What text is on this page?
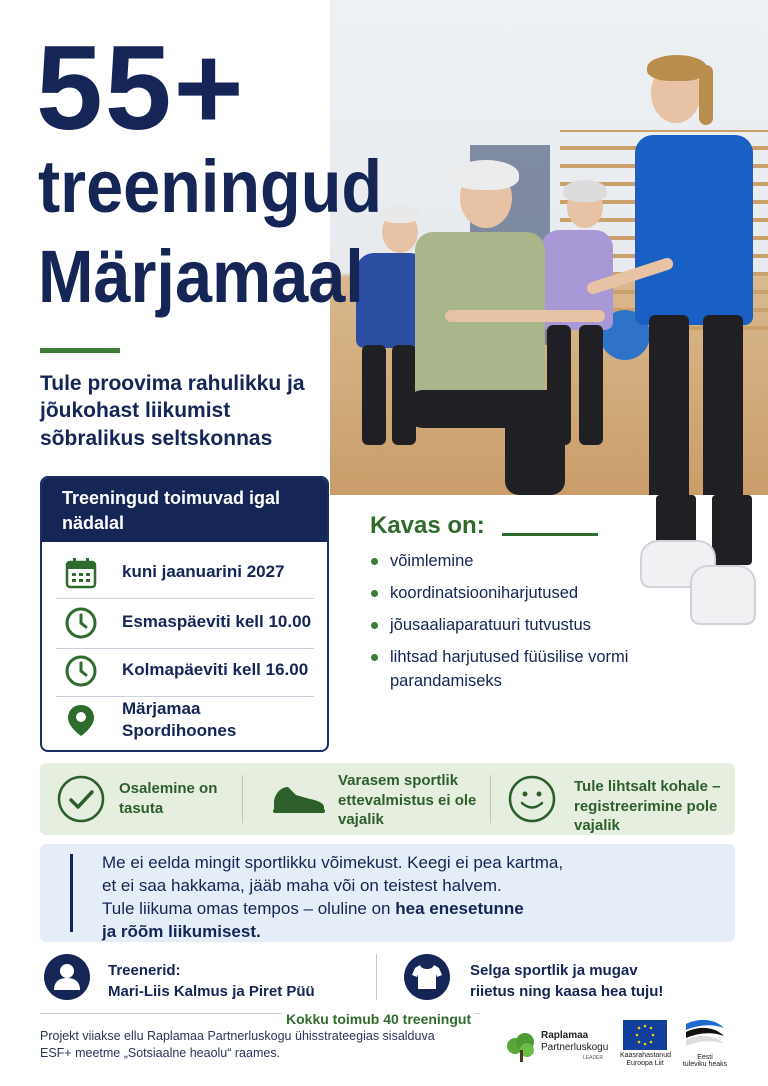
55+
treeningud
Märjamaal
Tule proovima rahulikku ja jõukohast liikumist sõbralikus seltskonnas
Treeningud toimuvad igal nädalal
kuni jaanuarini 2027
Esmaspäeviti kell 10.00
Kolmapäeviti kell 16.00
Märjamaa Spordihoones
Kavas on:
võimlemine
koordinatsiooniharjutused
jõusaaliaparatuuri tutvustus
lihtsad harjutused füüsilise vormi parandamiseks
Osalemine on tasuta
Varasem sportlik ettevalmistus ei ole vajalik
Tule lihtsalt kohale – registreerimine pole vajalik
Me ei eelda mingit sportlikku võimekust. Keegi ei pea kartma,
et ei saa hakkama, jääb maha või on teistest halvem.
Tule liikuma omas tempos – oluline on hea enesetunne
ja rõõm liikumisest.
Treenerid:
Mari-Liis Kalmus ja Piret Püü
Selga sportlik ja mugav
riietus ning kaasa hea tuju!
Kokku toimub 40 treeningut
Projekt viiakse ellu Raplamaa Partnerluskogu ühisstrateegias sisalduva ESF+ meetme „Sotsiaalne heaolu“ raames.
Raplamaa
Partnerluskogu
LEADER Kaasrahastanud
Euroopa Liit
Eesti
tuleviku heaks
